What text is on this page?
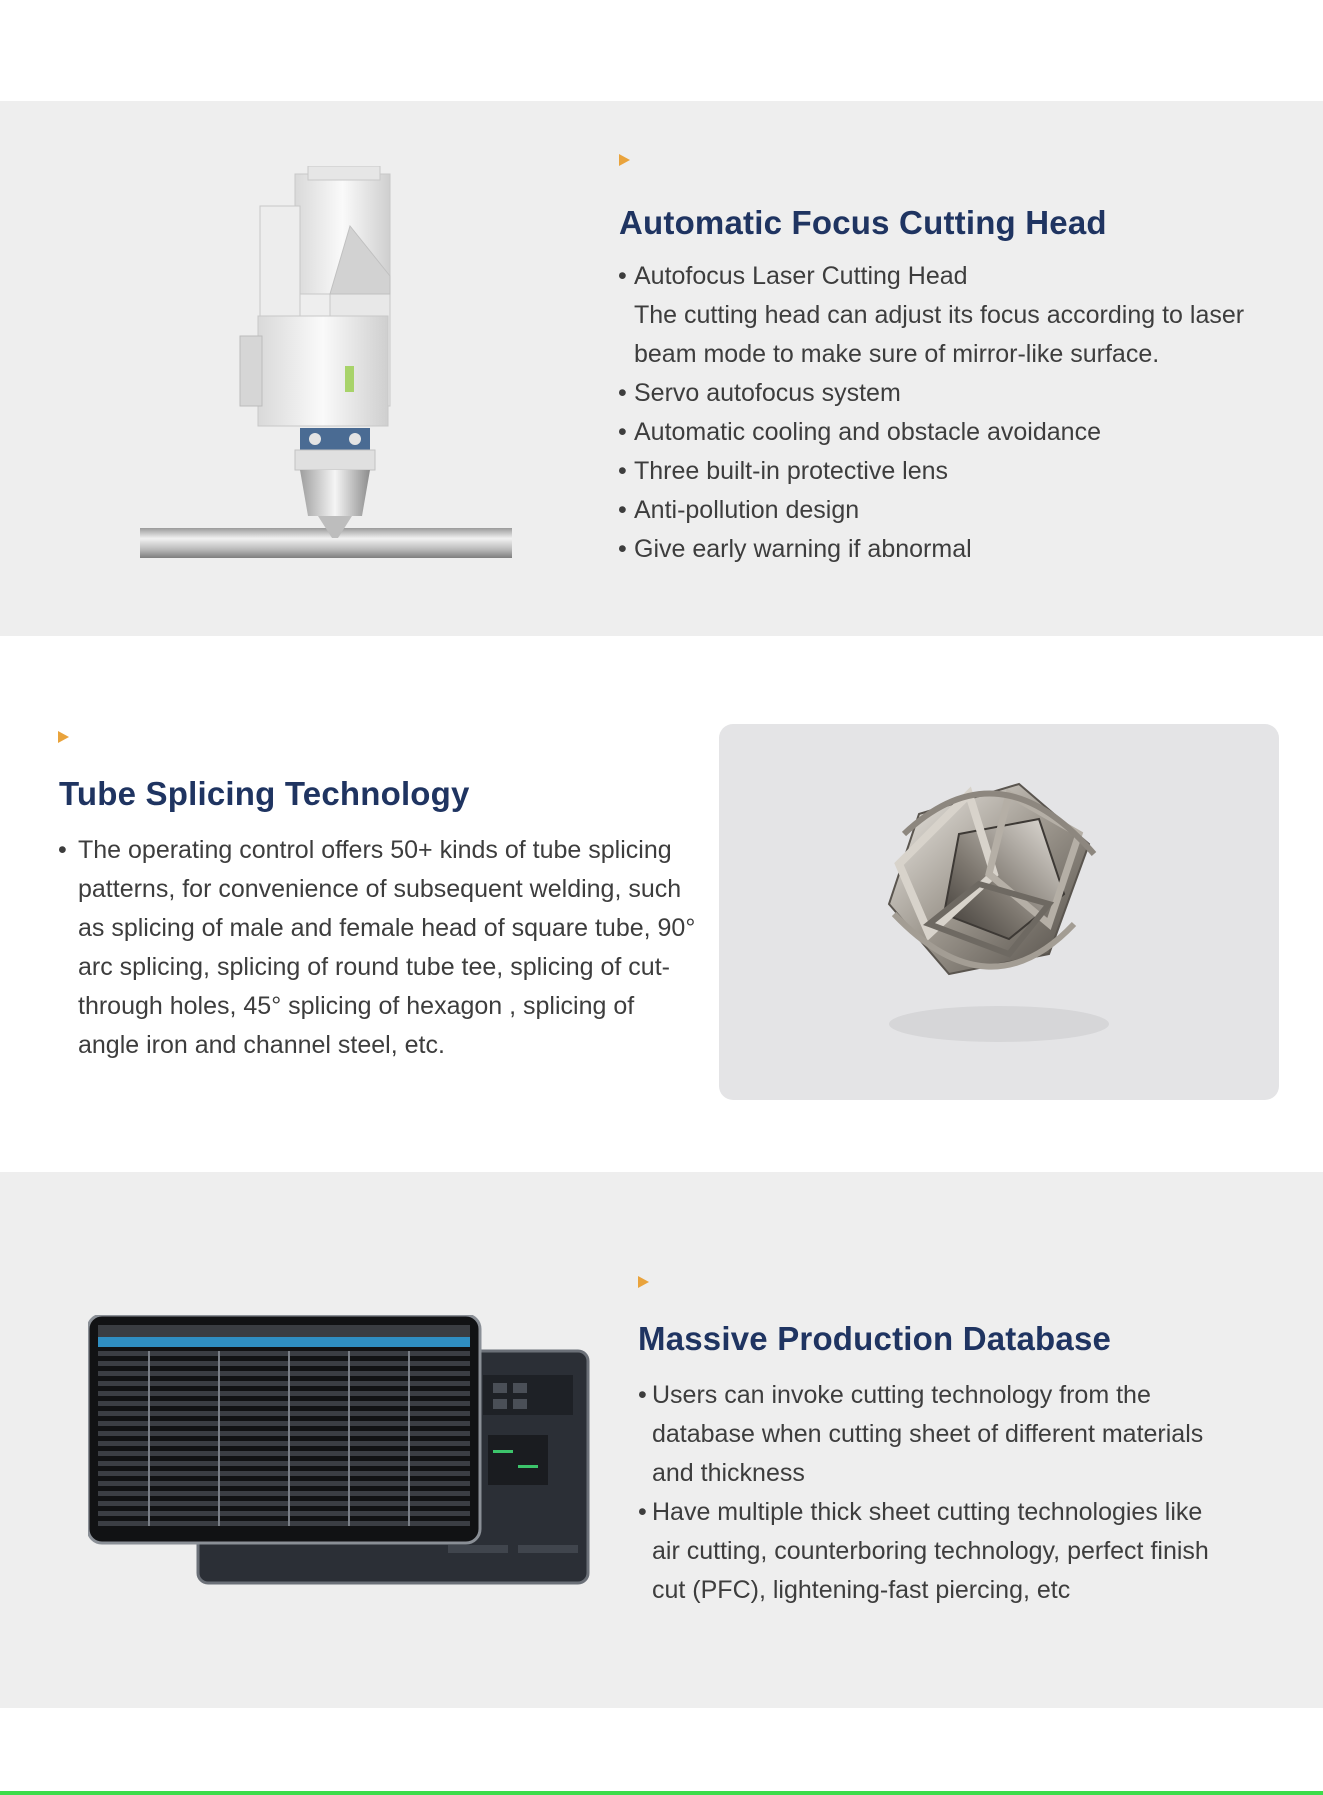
Automatic Focus Cutting Head
• Autofocus Laser Cutting Head
The cutting head can adjust its focus according to laser beam mode to make sure of mirror-like surface.
• Servo autofocus system
• Automatic cooling and obstacle avoidance
• Three built-in protective lens
• Anti-pollution design
• Give early warning if abnormal
Tube Splicing Technology
• The operating control offers 50+ kinds of tube splicing patterns, for convenience of subsequent welding, such as splicing of male and female head of square tube, 90° arc splicing, splicing of round tube tee, splicing of cut-through holes, 45° splicing of hexagon , splicing of angle iron and channel steel, etc.
Massive Production Database
• Users can invoke cutting technology from the database when cutting sheet of different materials and thickness
• Have multiple thick sheet cutting technologies like air cutting, counterboring technology, perfect finish cut (PFC), lightening-fast piercing, etc
